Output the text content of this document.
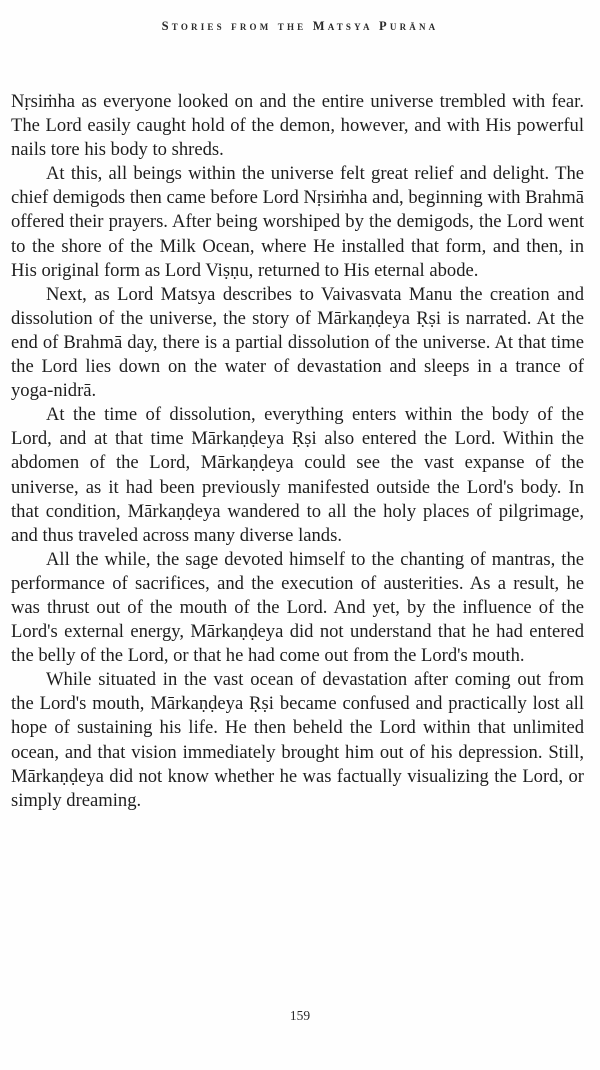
Stories from the Matsya Purāna

Nṛsiṁha as everyone looked on and the entire universe trembled with fear. The Lord easily caught hold of the demon, however, and with His powerful nails tore his body to shreds.

At this, all beings within the universe felt great relief and delight. The chief demigods then came before Lord Nṛsiṁha and, beginning with Brahmā offered their prayers. After being worshiped by the demigods, the Lord went to the shore of the Milk Ocean, where He installed that form, and then, in His original form as Lord Viṣṇu, returned to His eternal abode.

Next, as Lord Matsya describes to Vaivasvata Manu the creation and dissolution of the universe, the story of Mārkaṇḍeya Ṛṣi is narrated. At the end of Brahmā day, there is a partial dissolution of the universe. At that time the Lord lies down on the water of devastation and sleeps in a trance of yoga-nidrā.

At the time of dissolution, everything enters within the body of the Lord, and at that time Mārkaṇḍeya Ṛṣi also entered the Lord. Within the abdomen of the Lord, Mārkaṇḍeya could see the vast expanse of the universe, as it had been previously manifested outside the Lord's body. In that condition, Mārkaṇḍeya wandered to all the holy places of pilgrimage, and thus traveled across many diverse lands.

All the while, the sage devoted himself to the chanting of mantras, the performance of sacrifices, and the execution of austerities. As a result, he was thrust out of the mouth of the Lord. And yet, by the influence of the Lord's external energy, Mārkaṇḍeya did not understand that he had entered the belly of the Lord, or that he had come out from the Lord's mouth.

While situated in the vast ocean of devastation after coming out from the Lord's mouth, Mārkaṇḍeya Ṛṣi became confused and practically lost all hope of sustaining his life. He then beheld the Lord within that unlimited ocean, and that vision immediately brought him out of his depression. Still, Mārkaṇḍeya did not know whether he was factually visualizing the Lord, or simply dreaming.

159
